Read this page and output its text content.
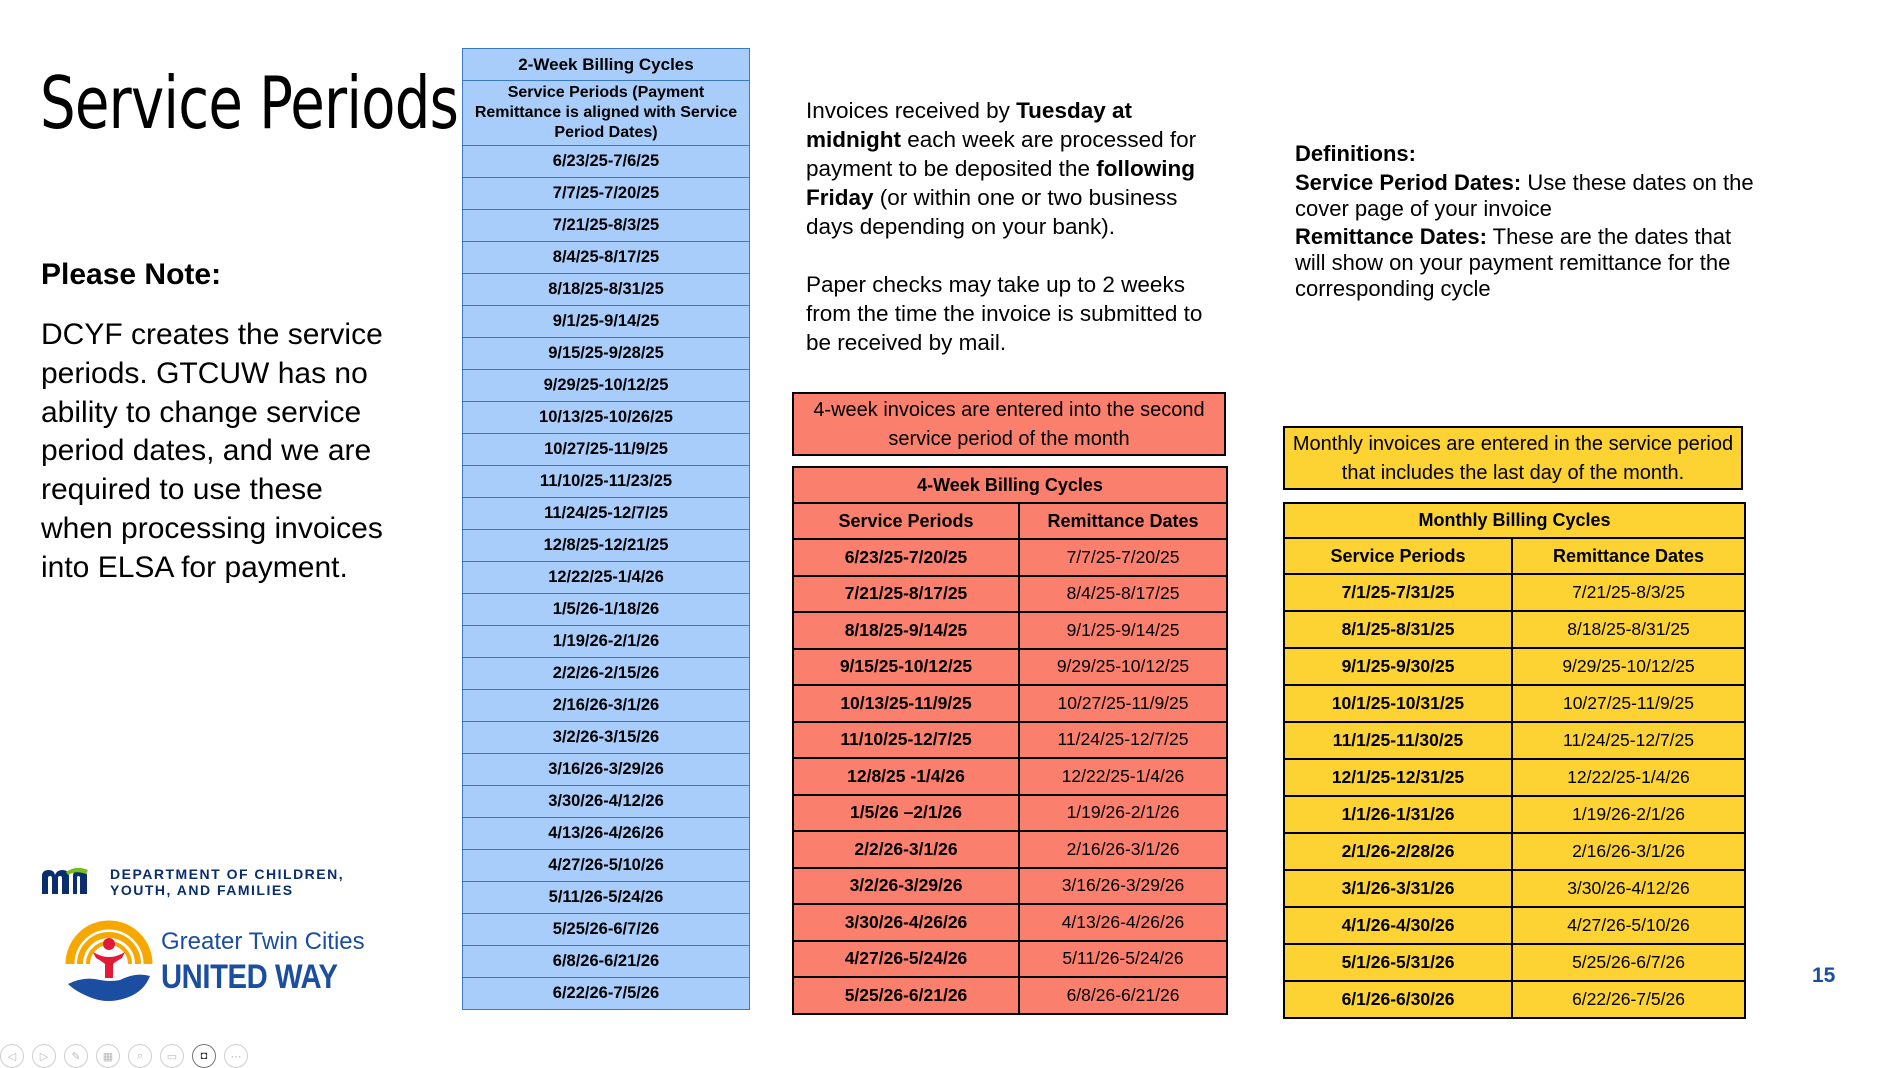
Service Periods
Please Note:
DCYF creates the service periods. GTCUW has no ability to change service period dates, and we are required to use these when processing invoices into ELSA for payment.
2-Week Billing Cycles
Service Periods (Payment Remittance is aligned with Service Period Dates)
6/23/25-7/6/25
7/7/25-7/20/25
7/21/25-8/3/25
8/4/25-8/17/25
8/18/25-8/31/25
9/1/25-9/14/25
9/15/25-9/28/25
9/29/25-10/12/25
10/13/25-10/26/25
10/27/25-11/9/25
11/10/25-11/23/25
11/24/25-12/7/25
12/8/25-12/21/25
12/22/25-1/4/26
1/5/26-1/18/26
1/19/26-2/1/26
2/2/26-2/15/26
2/16/26-3/1/26
3/2/26-3/15/26
3/16/26-3/29/26
3/30/26-4/12/26
4/13/26-4/26/26
4/27/26-5/10/26
5/11/26-5/24/26
5/25/26-6/7/26
6/8/26-6/21/26
6/22/26-7/5/26
Invoices received by Tuesday at midnight each week are processed for payment to be deposited the following Friday (or within one or two business days depending on your bank).
Paper checks may take up to 2 weeks from the time the invoice is submitted to be received by mail.
Definitions:
Service Period Dates: Use these dates on the cover page of your invoice
Remittance Dates: These are the dates that will show on your payment remittance for the corresponding cycle
4-week invoices are entered into the second service period of the month
4-Week Billing Cycles	
Service Periods	Remittance Dates
6/23/25-7/20/25	7/7/25-7/20/25
7/21/25-8/17/25	8/4/25-8/17/25
8/18/25-9/14/25	9/1/25-9/14/25
9/15/25-10/12/25	9/29/25-10/12/25
10/13/25-11/9/25	10/27/25-11/9/25
11/10/25-12/7/25	11/24/25-12/7/25
12/8/25 -1/4/26	12/22/25-1/4/26
1/5/26 –2/1/26	1/19/26-2/1/26
2/2/26-3/1/26	2/16/26-3/1/26
3/2/26-3/29/26	3/16/26-3/29/26
3/30/26-4/26/26	4/13/26-4/26/26
4/27/26-5/24/26	5/11/26-5/24/26
5/25/26-6/21/26	6/8/26-6/21/26
Monthly invoices are entered in the service period that includes the last day of the month.
Monthly Billing Cycles	
Service Periods	Remittance Dates
7/1/25-7/31/25	7/21/25-8/3/25
8/1/25-8/31/25	8/18/25-8/31/25
9/1/25-9/30/25	9/29/25-10/12/25
10/1/25-10/31/25	10/27/25-11/9/25
11/1/25-11/30/25	11/24/25-12/7/25
12/1/25-12/31/25	12/22/25-1/4/26
1/1/26-1/31/26	1/19/26-2/1/26
2/1/26-2/28/26	2/16/26-3/1/26
3/1/26-3/31/26	3/30/26-4/12/26
4/1/26-4/30/26	4/27/26-5/10/26
5/1/26-5/31/26	5/25/26-6/7/26
6/1/26-6/30/26	6/22/26-7/5/26
15
DEPARTMENT OF CHILDREN,
YOUTH, AND FAMILIES
Greater Twin Cities
UNITED WAY
◁	▷	✎	▦	⌕	▭	◘	⋯
